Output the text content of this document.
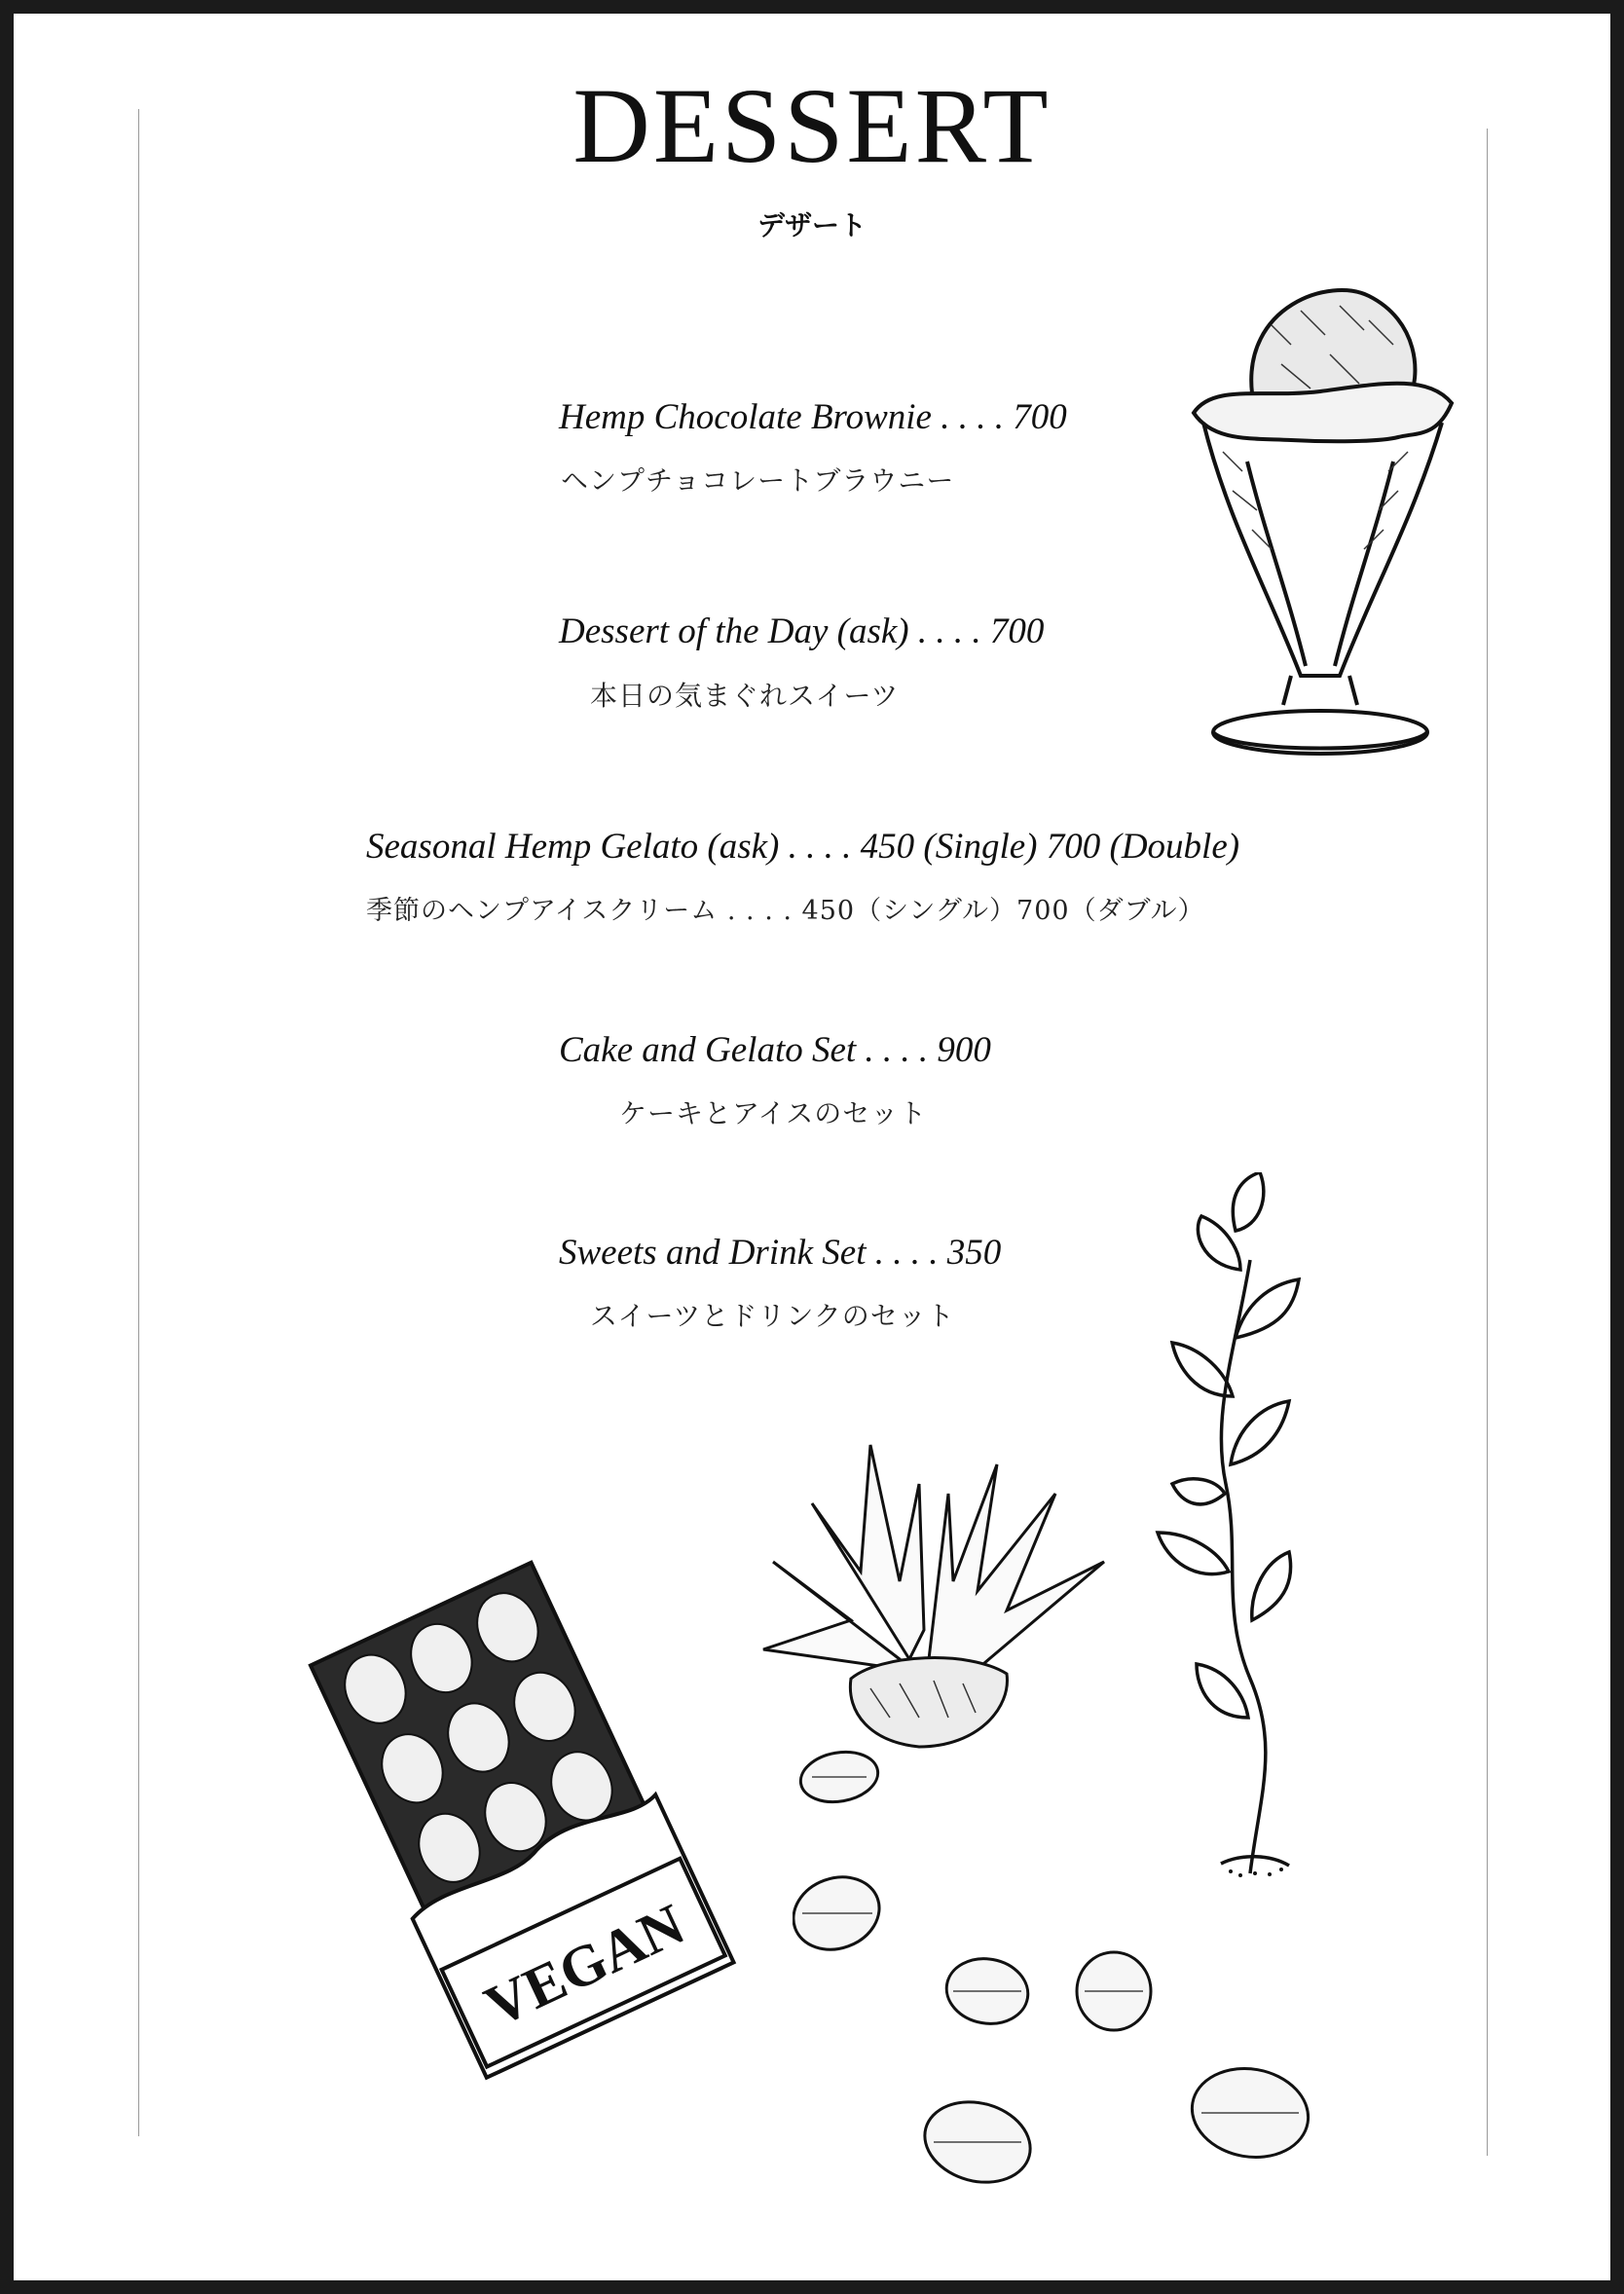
DESSERT
デザート
Hemp Chocolate Brownie . . . . 700
ヘンプチョコレートブラウニー
Dessert of the Day (ask) . . . . 700
本日の気まぐれスイーツ
Seasonal Hemp Gelato (ask) . . . . 450 (Single) 700 (Double)
季節のヘンプアイスクリーム . . . . 450（シングル）700（ダブル）
Cake and Gelato Set . . . . 900
ケーキとアイスのセット
Sweets and Drink Set . . . . 350
スイーツとドリンクのセット
VEGAN
